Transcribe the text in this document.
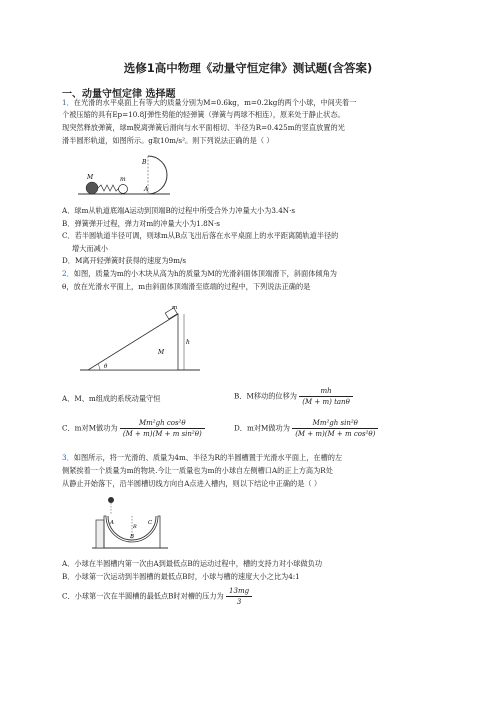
选修1高中物理《动量守恒定律》测试题(含答案)
一、动量守恒定律 选择题
1．在光滑的水平桌面上有等大的质量分别为M=0.6kg，m=0.2kg的两个小球，中间夹着一
个被压缩的具有Ep=10.8J弹性势能的轻弹簧（弹簧与两球不相连），原来处于静止状态。
现突然释放弹簧，球m脱离弹簧后滑向与水平面相切、半径为R=0.425m的竖直放置的光
滑半圆形轨道，如图所示。g取10m/s²。则下列说法正确的是（ ）
M	m
A
B
A．球m从轨道底端A运动到顶端B的过程中所受合外力冲量大小为3.4N·s
B．弹簧弹开过程，弹力对m的冲量大小为1.8N·s
C．若半圆轨道半径可调，则球m从B点飞出后落在水平桌面上的水平距离随轨道半径的
增大而减小
D．M离开轻弹簧时获得的速度为9m/s
2．如图，质量为m的小木块从高为h的质量为M的光滑斜面体顶端滑下，斜面体倾角为
θ，放在光滑水平面上，m由斜面体顶端滑至底端的过程中，下列说法正确的是
m
M
h
θ
A．M、m组成的系统动量守恒	B．M移动的位移为 $\frac{mh}{(M + m) \tan\theta}$
C．m对M做功为 $\frac{\text{Mm²gh cos²θ}}{\text{(M + m)(M + m sin²θ)}}$	D．m对M做功为 $\frac{\text{Mm²gh sin²θ}}{\text{(M + m)(M + m cos²θ)}}$
3．如图所示，将一光滑的、质量为4m、半径为R的半圆槽置于光滑水平面上，在槽的左
侧紧挨着一个质量为m的物块.今让一质量也为m的小球自左侧槽口A的正上方高为R处
从静止开始落下，沿半圆槽切线方向自A点进入槽内，则以下结论中正确的是（ ）
A	C
B
R
A．小球在半圆槽内第一次由A到最低点B的运动过程中，槽的支持力对小球做负功
B．小球第一次运动到半圆槽的最低点B时，小球与槽的速度大小之比为4:1
C．小球第一次在半圆槽的最低点B时对槽的压力为 $\frac{13mg}{3}$
